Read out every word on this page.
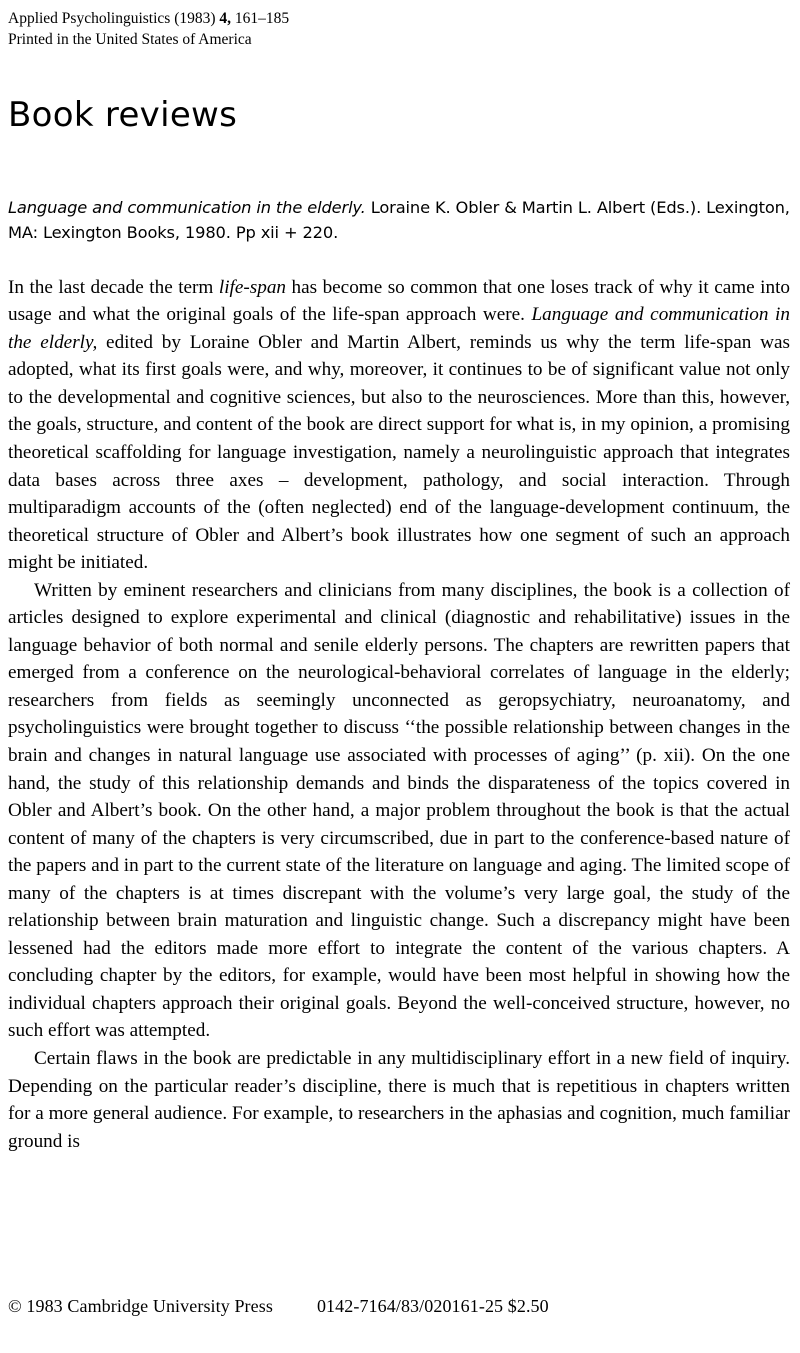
Applied Psycholinguistics (1983) 4, 161–185
Printed in the United States of America
Book reviews

Language and communication in the elderly. Loraine K. Obler & Martin L. Albert (Eds.). Lexington, MA: Lexington Books, 1980. Pp xii + 220.

In the last decade the term life-span has become so common that one loses track of why it came into usage and what the original goals of the life-span approach were. Language and communication in the elderly, edited by Loraine Obler and Martin Albert, reminds us why the term life-span was adopted, what its first goals were, and why, moreover, it continues to be of significant value not only to the developmental and cognitive sciences, but also to the neurosciences. More than this, however, the goals, structure, and content of the book are direct support for what is, in my opinion, a promising theoretical scaffolding for language investigation, namely a neurolinguistic approach that integrates data bases across three axes – development, pathology, and social interaction. Through multiparadigm accounts of the (often neglected) end of the language-development continuum, the theoretical structure of Obler and Albert’s book illustrates how one segment of such an approach might be initiated.

Written by eminent researchers and clinicians from many disciplines, the book is a collection of articles designed to explore experimental and clinical (diagnostic and rehabilitative) issues in the language behavior of both normal and senile elderly persons. The chapters are rewritten papers that emerged from a conference on the neurological-behavioral correlates of language in the elderly; researchers from fields as seemingly unconnected as geropsychiatry, neuroanatomy, and psycholinguistics were brought together to discuss ‘‘the possible relationship between changes in the brain and changes in natural language use associated with processes of aging’’ (p. xii). On the one hand, the study of this relationship demands and binds the disparateness of the topics covered in Obler and Albert’s book. On the other hand, a major problem throughout the book is that the actual content of many of the chapters is very circumscribed, due in part to the conference-based nature of the papers and in part to the current state of the literature on language and aging. The limited scope of many of the chapters is at times discrepant with the volume’s very large goal, the study of the relationship between brain maturation and linguistic change. Such a discrepancy might have been lessened had the editors made more effort to integrate the content of the various chapters. A concluding chapter by the editors, for example, would have been most helpful in showing how the individual chapters approach their original goals. Beyond the well-conceived structure, however, no such effort was attempted.

Certain flaws in the book are predictable in any multidisciplinary effort in a new field of inquiry. Depending on the particular reader’s discipline, there is much that is repetitious in chapters written for a more general audience. For example, to researchers in the aphasias and cognition, much familiar ground is

© 1983 Cambridge University Press 0142-7164/83/020161-25 $2.50
